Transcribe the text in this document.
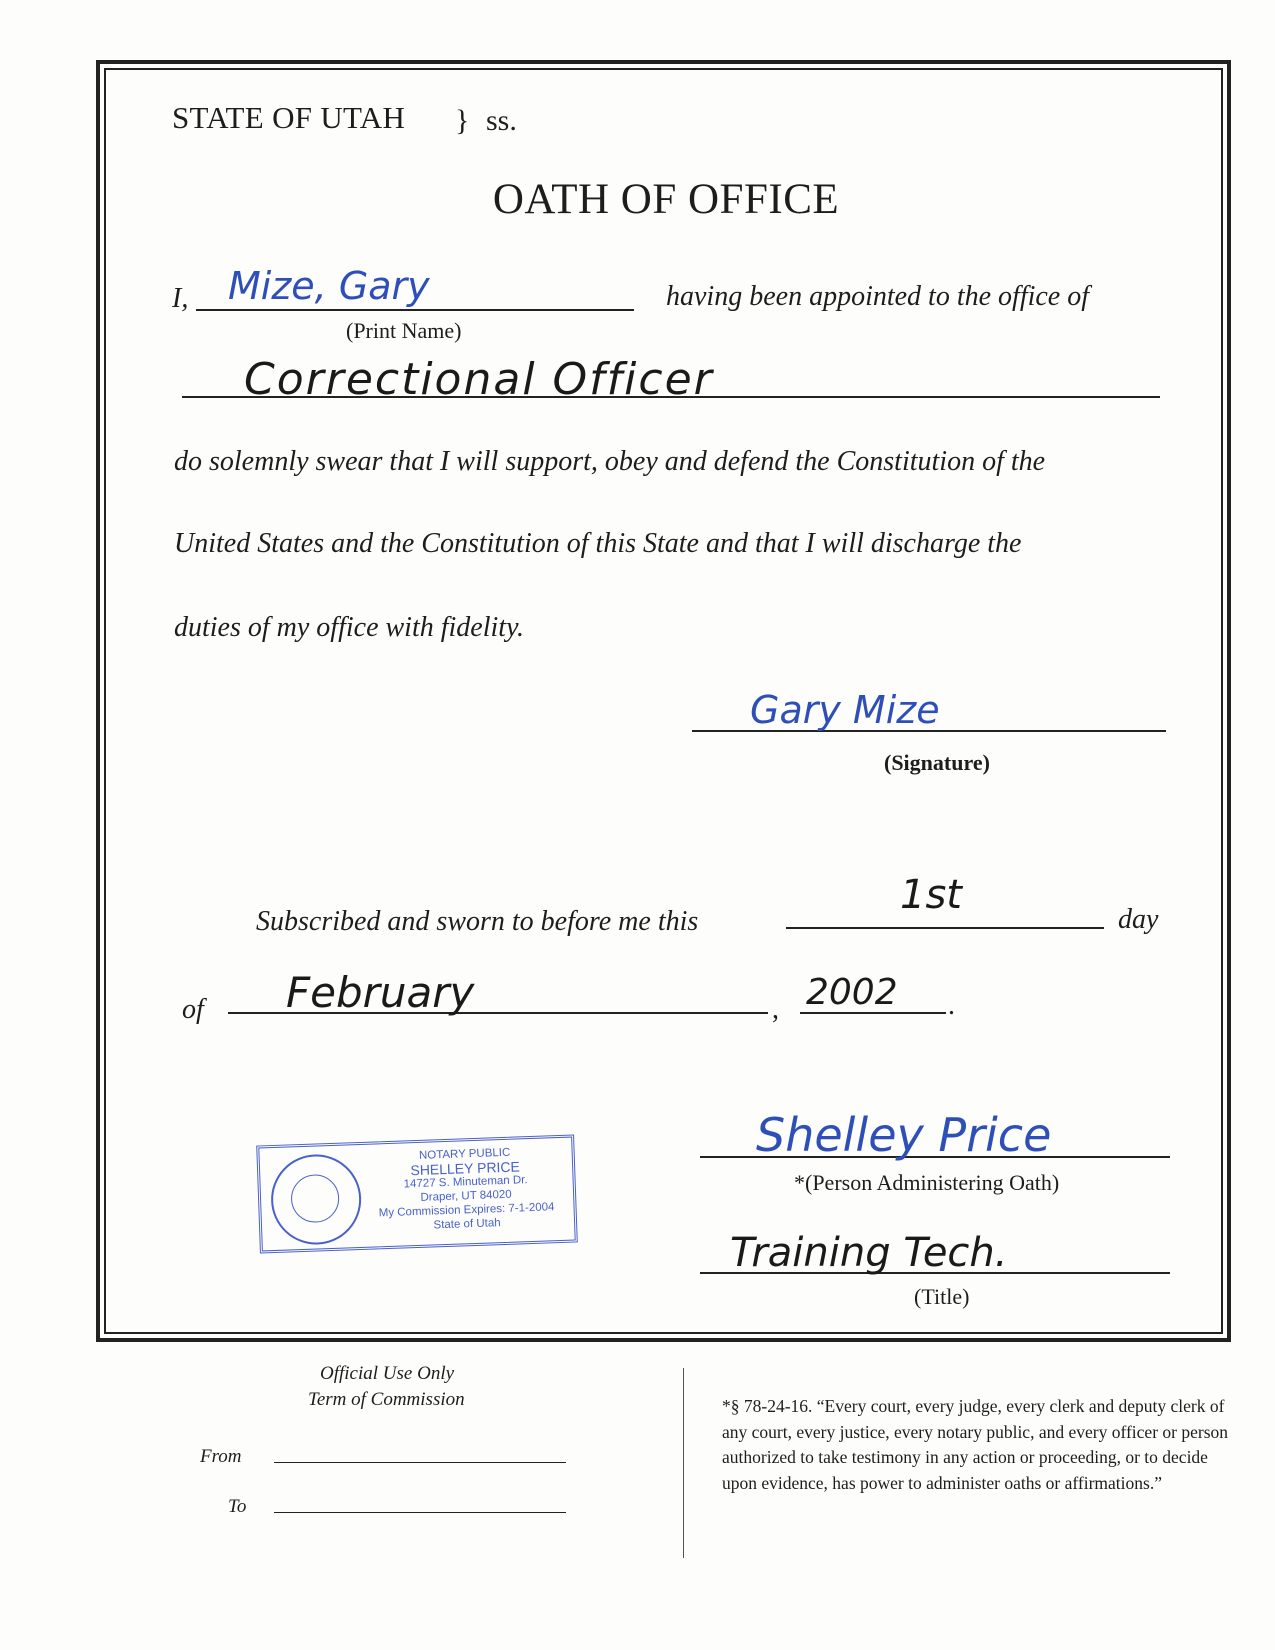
STATE OF UTAH } ss.
OATH OF OFFICE
I, Mize, Gary
(Print Name)
having been appointed to the office of
Correctional Officer
do solemnly swear that I will support, obey and defend the Constitution of the
United States and the Constitution of this State and that I will discharge the
duties of my office with fidelity.
Gary Mize
(Signature)
Subscribed and sworn to before me this
1st
day
of February	, 2002 .
NOTARY PUBLIC
SHELLEY PRICE
14727 S. Minuteman Dr.
Draper, UT 84020
My Commission Expires: 7-1-2004
State of Utah
Shelley Price
*(Person Administering Oath)
Training Tech.
(Title)
Official Use Only
Term of Commission
From
To
*§ 78-24-16. “Every court, every judge, every clerk and deputy clerk of any court, every justice, every notary public, and every officer or person authorized to take testimony in any action or proceeding, or to decide upon evidence, has power to administer oaths or affirmations.”
